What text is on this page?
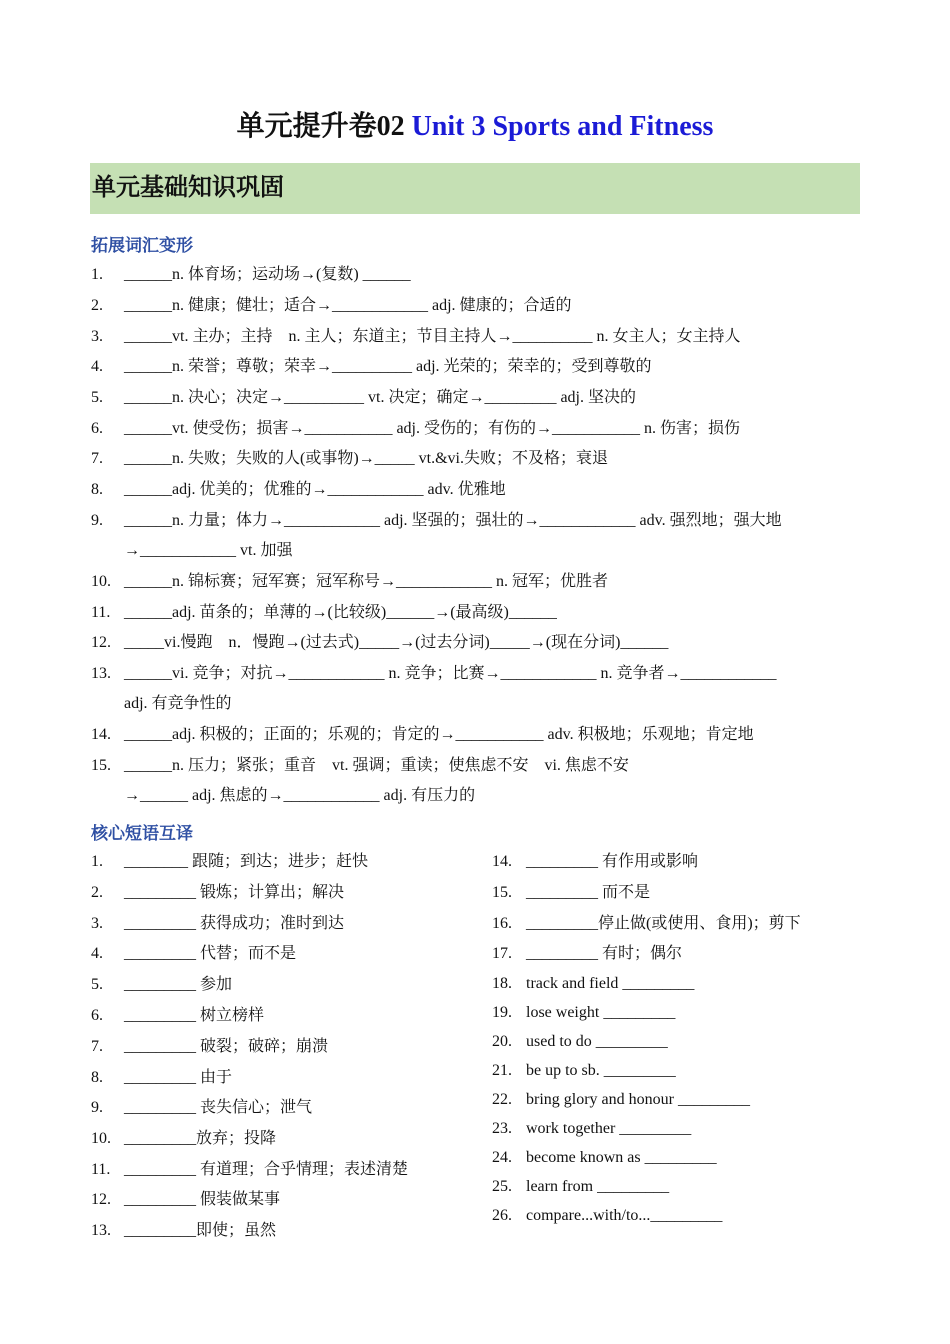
单元提升卷02 Unit 3 Sports and Fitness
单元基础知识巩固
拓展词汇变形
1. ______n. 体育场；运动场→(复数) ______
2. ______n. 健康；健壮；适合→____________ adj. 健康的；合适的
3. ______vt. 主办；主持　n. 主人；东道主；节目主持人→__________ n. 女主人；女主持人
4. ______n. 荣誉；尊敬；荣幸→__________ adj. 光荣的；荣幸的；受到尊敬的
5. ______n. 决心；决定→__________ vt. 决定；确定→_________ adj. 坚决的
6. ______vt. 使受伤；损害→___________ adj. 受伤的；有伤的→___________ n. 伤害；损伤
7. ______n. 失败；失败的人(或事物)→_____ vt.&vi.失败；不及格；衰退
8. ______adj. 优美的；优雅的→____________ adv. 优雅地
9. ______n. 力量；体力→____________ adj. 坚强的；强壮的→____________ adv. 强烈地；强大地
→____________ vt. 加强
10. ______n. 锦标赛；冠军赛；冠军称号→____________ n. 冠军；优胜者
11. ______adj. 苗条的；单薄的→(比较级)______→(最高级)______
12. _____vi.慢跑　n．慢跑→(过去式)_____→(过去分词)_____→(现在分词)______
13. ______vi. 竞争；对抗→____________ n. 竞争；比赛→____________ n. 竞争者→____________
adj. 有竞争性的
14. ______adj. 积极的；正面的；乐观的；肯定的→___________ adv. 积极地；乐观地；肯定地
15. ______n. 压力；紧张；重音　vt. 强调；重读；使焦虑不安　vi. 焦虑不安
→______ adj. 焦虑的→____________ adj. 有压力的
核心短语互译
1. ________ 跟随；到达；进步；赶快
2. _________ 锻炼；计算出；解决
3. _________ 获得成功；准时到达
4. _________ 代替；而不是
5. _________ 参加
6. _________ 树立榜样
7. _________ 破裂；破碎；崩溃
8. _________ 由于
9. _________ 丧失信心；泄气
10. _________放弃；投降
11. _________ 有道理；合乎情理；表述清楚
12. _________ 假装做某事
13. _________即使；虽然
14. _________ 有作用或影响
15. _________ 而不是
16. _________停止做(或使用、食用)；剪下
17. _________ 有时；偶尔
18. track and field _________
19. lose weight _________
20. used to do _________
21. be up to sb. _________
22. bring glory and honour _________
23. work together _________
24. become known as _________
25. learn from _________
26. compare...with/to..._________
